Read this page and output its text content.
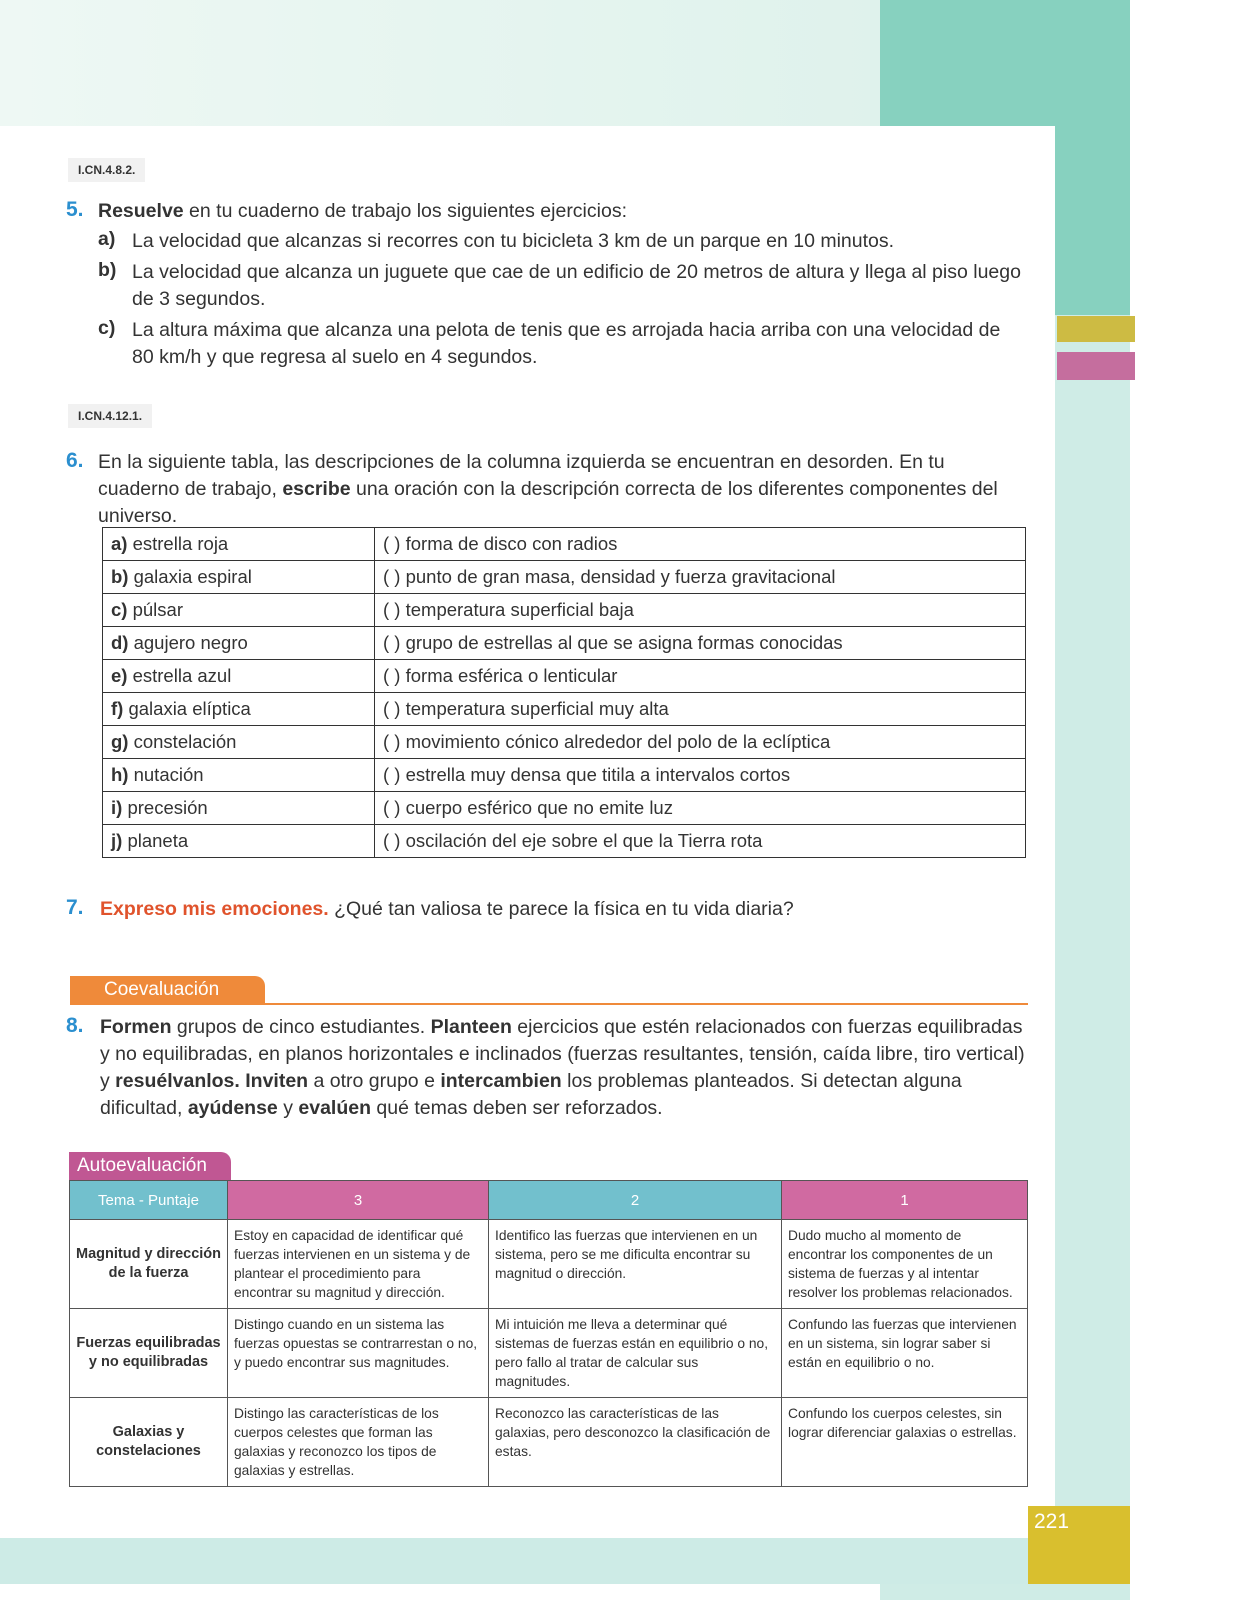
221
I.CN.4.8.2.
5. Resuelve en tu cuaderno de trabajo los siguientes ejercicios:
a) La velocidad que alcanzas si recorres con tu bicicleta 3 km de un parque en 10 minutos.
b) La velocidad que alcanza un juguete que cae de un edificio de 20 metros de altura y llega al piso luego de 3 segundos.
c) La altura máxima que alcanza una pelota de tenis que es arrojada hacia arriba con una velocidad de 80 km/h y que regresa al suelo en 4 segundos.
I.CN.4.12.1.
6. En la siguiente tabla, las descripciones de la columna izquierda se encuentran en desorden. En tu cuaderno de trabajo, escribe una oración con la descripción correcta de los diferentes componentes del universo.
a) estrella roja	( ) forma de disco con radios
b) galaxia espiral	( ) punto de gran masa, densidad y fuerza gravitacional
c) púlsar	( ) temperatura superficial baja
d) agujero negro	( ) grupo de estrellas al que se asigna formas conocidas
e) estrella azul	( ) forma esférica o lenticular
f) galaxia elíptica	( ) temperatura superficial muy alta
g) constelación	( ) movimiento cónico alrededor del polo de la eclíptica
h) nutación	( ) estrella muy densa que titila a intervalos cortos
i) precesión	( ) cuerpo esférico que no emite luz
j) planeta	( ) oscilación del eje sobre el que la Tierra rota
7. Expreso mis emociones. ¿Qué tan valiosa te parece la física en tu vida diaria?
Coevaluación
8. Formen grupos de cinco estudiantes. Planteen ejercicios que estén relacionados con fuerzas equilibradas y no equilibradas, en planos horizontales e inclinados (fuerzas resultantes, tensión, caída libre, tiro vertical) y resuélvanlos. Inviten a otro grupo e intercambien los problemas planteados. Si detectan alguna dificultad, ayúdense y evalúen qué temas deben ser reforzados.
Autoevaluación
Tema - Puntaje	3	2	1
Magnitud y dirección de la fuerza	Estoy en capacidad de identificar qué fuerzas intervienen en un sistema y de plantear el procedimiento para encontrar su magnitud y dirección.	Identifico las fuerzas que intervienen en un sistema, pero se me dificulta encontrar su magnitud o dirección.	Dudo mucho al momento de encontrar los componentes de un sistema de fuerzas y al intentar resolver los problemas relacionados.
Fuerzas equilibradas y no equilibradas	Distingo cuando en un sistema las fuerzas opuestas se contrarrestan o no, y puedo encontrar sus magnitudes.	Mi intuición me lleva a determinar qué sistemas de fuerzas están en equilibrio o no, pero fallo al tratar de calcular sus magnitudes.	Confundo las fuerzas que intervienen en un sistema, sin lograr saber si están en equilibrio o no.
Galaxias y constelaciones	Distingo las características de los cuerpos celestes que forman las galaxias y reconozco los tipos de galaxias y estrellas.	Reconozco las características de las galaxias, pero desconozco la clasificación de estas.	Confundo los cuerpos celestes, sin lograr diferenciar galaxias o estrellas.
